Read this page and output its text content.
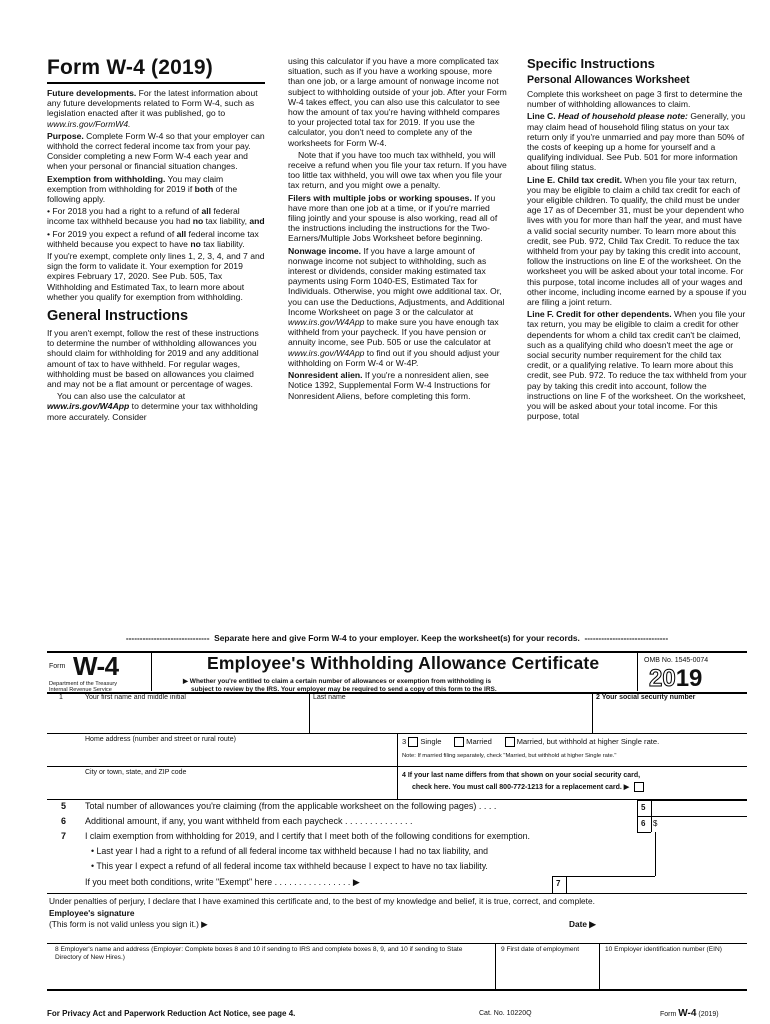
Form W-4 (2019)

Future developments. For the latest information about any future developments related to Form W-4, such as legislation enacted after it was published, go to www.irs.gov/FormW4.

Purpose. Complete Form W-4 so that your employer can withhold the correct federal income tax from your pay. Consider completing a new Form W-4 each year and when your personal or financial situation changes.

Exemption from withholding. You may claim exemption from withholding for 2019 if both of the following apply.

• For 2018 you had a right to a refund of all federal income tax withheld because you had no tax liability, and

• For 2019 you expect a refund of all federal income tax withheld because you expect to have no tax liability.

If you're exempt, complete only lines 1, 2, 3, 4, and 7 and sign the form to validate it. Your exemption for 2019 expires February 17, 2020. See Pub. 505, Tax Withholding and Estimated Tax, to learn more about whether you qualify for exemption from withholding.

General Instructions

If you aren't exempt, follow the rest of these instructions to determine the number of withholding allowances you should claim for withholding for 2019 and any additional amount of tax to have withheld. For regular wages, withholding must be based on allowances you claimed and may not be a flat amount or percentage of wages.

You can also use the calculator at www.irs.gov/W4App to determine your tax withholding more accurately. Consider

using this calculator if you have a more complicated tax situation, such as if you have a working spouse, more than one job, or a large amount of nonwage income not subject to withholding outside of your job. After your Form W-4 takes effect, you can also use this calculator to see how the amount of tax you're having withheld compares to your projected total tax for 2019. If you use the calculator, you don't need to complete any of the worksheets for Form W-4.

Note that if you have too much tax withheld, you will receive a refund when you file your tax return. If you have too little tax withheld, you will owe tax when you file your tax return, and you might owe a penalty.

Filers with multiple jobs or working spouses. If you have more than one job at a time, or if you're married filing jointly and your spouse is also working, read all of the instructions including the instructions for the Two-Earners/Multiple Jobs Worksheet before beginning.

Nonwage income. If you have a large amount of nonwage income not subject to withholding, such as interest or dividends, consider making estimated tax payments using Form 1040-ES, Estimated Tax for Individuals. Otherwise, you might owe additional tax. Or, you can use the Deductions, Adjustments, and Additional Income Worksheet on page 3 or the calculator at www.irs.gov/W4App to make sure you have enough tax withheld from your paycheck. If you have pension or annuity income, see Pub. 505 or use the calculator at www.irs.gov/W4App to find out if you should adjust your withholding on Form W-4 or W-4P.

Nonresident alien. If you're a nonresident alien, see Notice 1392, Supplemental Form W-4 Instructions for Nonresident Aliens, before completing this form.

Specific Instructions
Personal Allowances Worksheet

Complete this worksheet on page 3 first to determine the number of withholding allowances to claim.

Line C. Head of household please note: Generally, you may claim head of household filing status on your tax return only if you're unmarried and pay more than 50% of the costs of keeping up a home for yourself and a qualifying individual. See Pub. 501 for more information about filing status.

Line E. Child tax credit. When you file your tax return, you may be eligible to claim a child tax credit for each of your eligible children. To qualify, the child must be under age 17 as of December 31, must be your dependent who lives with you for more than half the year, and must have a valid social security number. To learn more about this credit, see Pub. 972, Child Tax Credit. To reduce the tax withheld from your pay by taking this credit into account, follow the instructions on line E of the worksheet. On the worksheet you will be asked about your total income. For this purpose, total income includes all of your wages and other income, including income earned by a spouse if you are filing a joint return.

Line F. Credit for other dependents. When you file your tax return, you may be eligible to claim a credit for other dependents for whom a child tax credit can't be claimed, such as a qualifying child who doesn't meet the age or social security number requirement for the child tax credit, or a qualifying relative. To learn more about this credit, see Pub. 972. To reduce the tax withheld from your pay by taking this credit into account, follow the instructions on line F of the worksheet. On the worksheet, you will be asked about your total income. For this purpose, total

------------------------------  Separate here and give Form W-4 to your employer. Keep the worksheet(s) for your records.  ------------------------------
Form W-4
Department of the Treasury
Internal Revenue Service
Employee's Withholding Allowance Certificate
▶ Whether you're entitled to claim a certain number of allowances or exemption from withholding is
subject to review by the IRS. Your employer may be required to send a copy of this form to the IRS.
OMB No. 1545-0074
2019
1	Your first name and middle initial	Last name	2 Your social security number
Home address (number and street or rural route)	3 Single	Married	Married, but withhold at higher Single rate.
Note: If married filing separately, check "Married, but withhold at higher Single rate."
City or town, state, and ZIP code	4 If your last name differs from that shown on your social security card,
check here. You must call 800-772-1213 for a replacement card. ▶
5 Total number of allowances you're claiming (from the applicable worksheet on the following pages) . . . .
6 Additional amount, if any, you want withheld from each paycheck . . . . . . . . . . . . . .
7 I claim exemption from withholding for 2019, and I certify that I meet both of the following conditions for exemption.
• Last year I had a right to a refund of all federal income tax withheld because I had no tax liability, and
• This year I expect a refund of all federal income tax withheld because I expect to have no tax liability.
If you meet both conditions, write "Exempt" here . . . . . . . . . . . . . . . . ▶
5
6 $
7
Under penalties of perjury, I declare that I have examined this certificate and, to the best of my knowledge and belief, it is true, correct, and complete.
Employee's signature
(This form is not valid unless you sign it.) ▶	Date ▶
8 Employer's name and address (Employer: Complete boxes 8 and 10 if sending to IRS and complete boxes 8, 9, and 10 if sending to State Directory of New Hires.)
9 First date of employment	10 Employer identification number (EIN)
For Privacy Act and Paperwork Reduction Act Notice, see page 4.	Cat. No. 10220Q	Form W-4 (2019)
